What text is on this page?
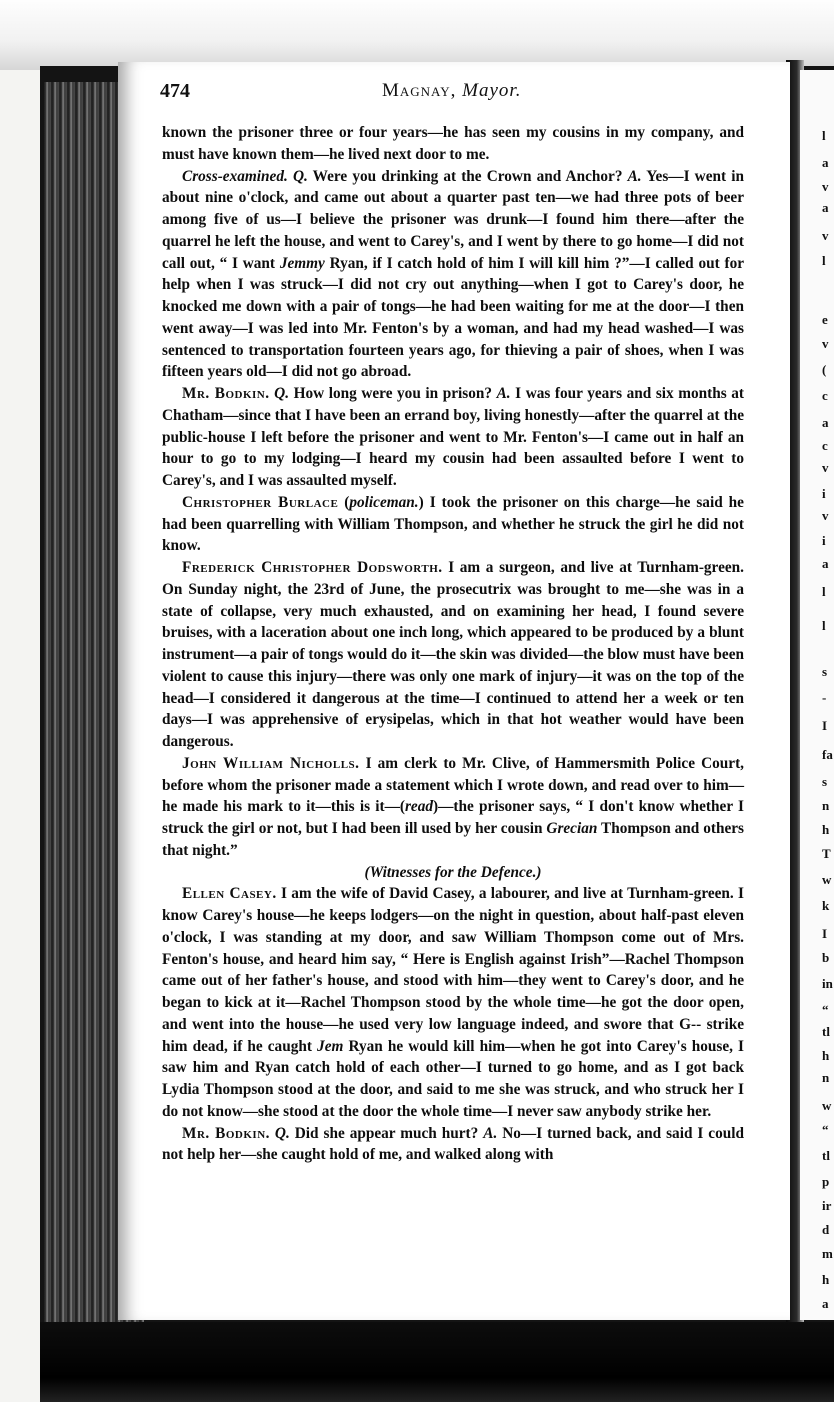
l
a
v
a
v
l
e
v
(
c
a
c
v
i
v
i
a
l
l
s
-
I
fa
s
n
h
T
w
k
I
b
in
“
tl
h
n
w
“
tl
p
ir
d
m
h
a
474	Magnay, Mayor.

known the prisoner three or four years—he has seen my cousins in my company, and must have known them—he lived next door to me.

Cross-examined. Q. Were you drinking at the Crown and Anchor? A. Yes—I went in about nine o'clock, and came out about a quarter past ten—we had three pots of beer among five of us—I believe the prisoner was drunk—I found him there—after the quarrel he left the house, and went to Carey's, and I went by there to go home—I did not call out, “ I want Jemmy Ryan, if I catch hold of him I will kill him ?”—I called out for help when I was struck—I did not cry out anything—when I got to Carey's door, he knocked me down with a pair of tongs—he had been waiting for me at the door—I then went away—I was led into Mr. Fenton's by a woman, and had my head washed—I was sentenced to transportation fourteen years ago, for thieving a pair of shoes, when I was fifteen years old—I did not go abroad.

Mr. Bodkin. Q. How long were you in prison? A. I was four years and six months at Chatham—since that I have been an errand boy, living honestly—after the quarrel at the public-house I left before the prisoner and went to Mr. Fenton's—I came out in half an hour to go to my lodging—I heard my cousin had been assaulted before I went to Carey's, and I was assaulted myself.

Christopher Burlace (policeman.) I took the prisoner on this charge—he said he had been quarrelling with William Thompson, and whether he struck the girl he did not know.

Frederick Christopher Dodsworth. I am a surgeon, and live at Turnham-green. On Sunday night, the 23rd of June, the prosecutrix was brought to me—she was in a state of collapse, very much exhausted, and on examining her head, I found severe bruises, with a laceration about one inch long, which appeared to be produced by a blunt instrument—a pair of tongs would do it—the skin was divided—the blow must have been violent to cause this injury—there was only one mark of injury—it was on the top of the head—I considered it dangerous at the time—I continued to attend her a week or ten days—I was apprehensive of erysipelas, which in that hot weather would have been dangerous.

John William Nicholls. I am clerk to Mr. Clive, of Hammersmith Police Court, before whom the prisoner made a statement which I wrote down, and read over to him—he made his mark to it—this is it—(read)—the prisoner says, “ I don't know whether I struck the girl or not, but I had been ill used by her cousin Grecian Thompson and others that night.”

(Witnesses for the Defence.)

Ellen Casey. I am the wife of David Casey, a labourer, and live at Turnham-green. I know Carey's house—he keeps lodgers—on the night in question, about half-past eleven o'clock, I was standing at my door, and saw William Thompson come out of Mrs. Fenton's house, and heard him say, “ Here is English against Irish”—Rachel Thompson came out of her father's house, and stood with him—they went to Carey's door, and he began to kick at it—Rachel Thompson stood by the whole time—he got the door open, and went into the house—he used very low language indeed, and swore that G-- strike him dead, if he caught Jem Ryan he would kill him—when he got into Carey's house, I saw him and Ryan catch hold of each other—I turned to go home, and as I got back Lydia Thompson stood at the door, and said to me she was struck, and who struck her I do not know—she stood at the door the whole time—I never saw anybody strike her.

Mr. Bodkin. Q. Did she appear much hurt? A. No—I turned back, and said I could not help her—she caught hold of me, and walked along with
